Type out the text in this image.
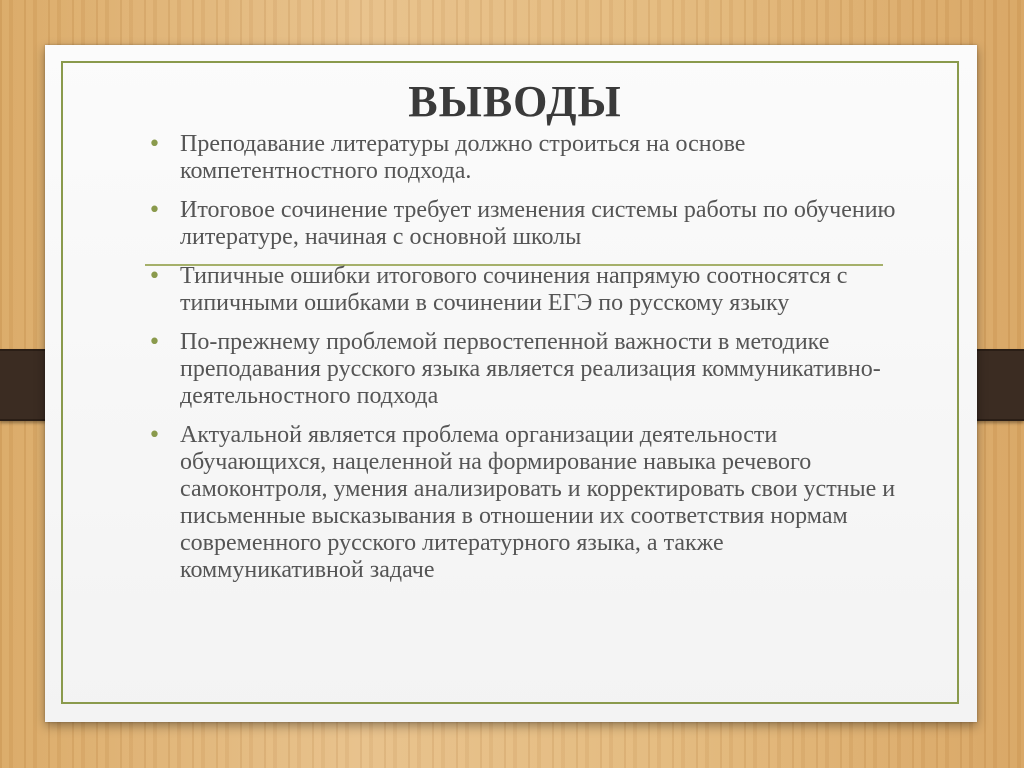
ВЫВОДЫ
• Преподавание литературы должно строиться на основе компетентностного подхода.
• Итоговое сочинение требует изменения системы работы по обучению литературе, начиная с основной школы
• Типичные ошибки итогового сочинения напрямую соотносятся с типичными ошибками в сочинении ЕГЭ по русскому языку
• По-прежнему проблемой первостепенной важности в методике преподавания русского языка является реализация коммуникативно-деятельностного подхода
• Актуальной является проблема организации деятельности обучающихся, нацеленной на формирование навыка речевого самоконтроля, умения анализировать и корректировать свои устные и письменные высказывания в отношении их соответствия нормам современного русского литературного языка, а также коммуникативной задаче
